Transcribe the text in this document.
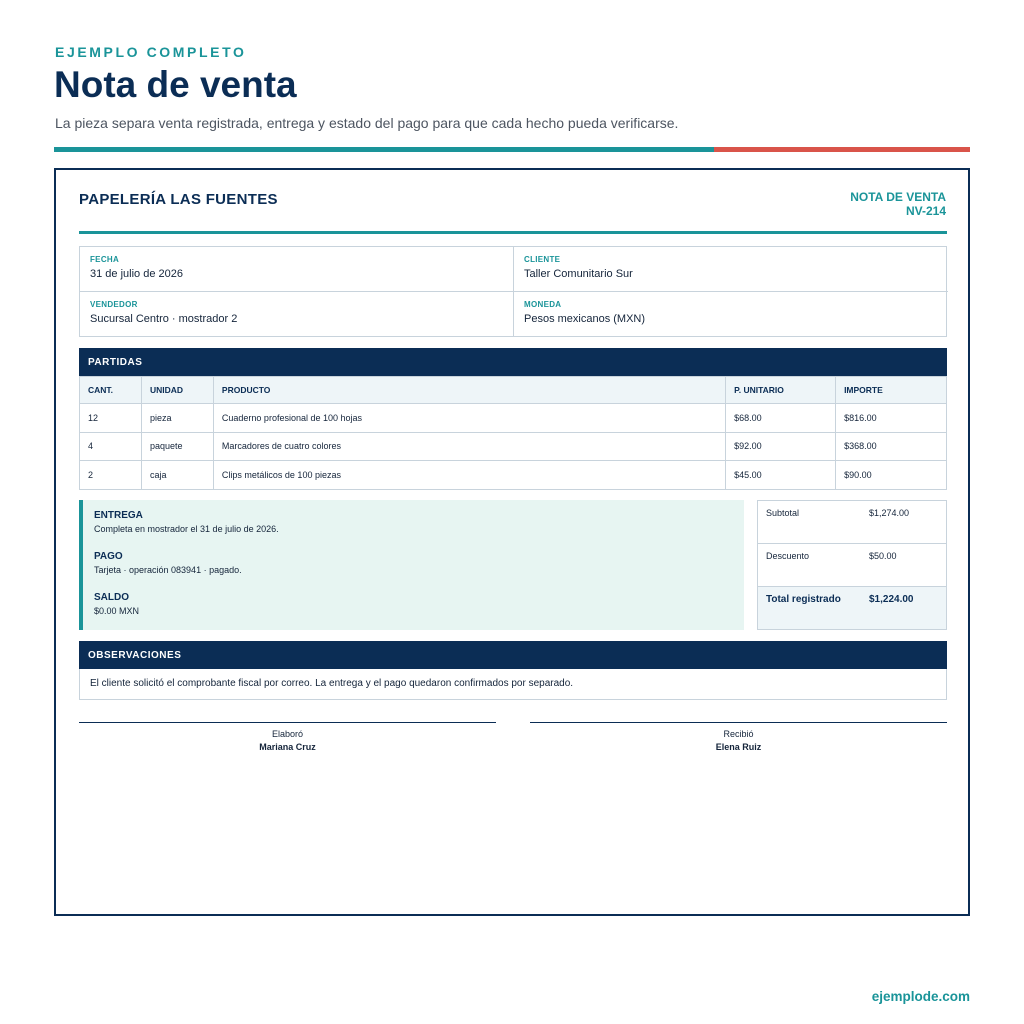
EJEMPLO COMPLETO
Nota de venta

La pieza separa venta registrada, entrega y estado del pago para que cada hecho pueda verificarse.

PAPELERÍA LAS FUENTES	NOTA DE VENTA
NV-214
FECHA
31 de julio de 2026
CLIENTE
Taller Comunitario Sur
VENDEDOR
Sucursal Centro · mostrador 2
MONEDA
Pesos mexicanos (MXN)
PARTIDAS
CANT.	UNIDAD	PRODUCTO	P. UNITARIO	IMPORTE
12	pieza	Cuaderno profesional de 100 hojas	$68.00	$816.00
4	paquete	Marcadores de cuatro colores	$92.00	$368.00
2	caja	Clips metálicos de 100 piezas	$45.00	$90.00
ENTREGA
Completa en mostrador el 31 de julio de 2026.
PAGO
Tarjeta · operación 083941 · pagado.
SALDO
$0.00 MXN
Subtotal	$1,274.00
Descuento	$50.00
Total registrado	$1,224.00
OBSERVACIONES
El cliente solicitó el comprobante fiscal por correo. La entrega y el pago quedaron confirmados por separado.
Elaboró
Mariana Cruz
Recibió
Elena Ruiz
ejemplode.com
